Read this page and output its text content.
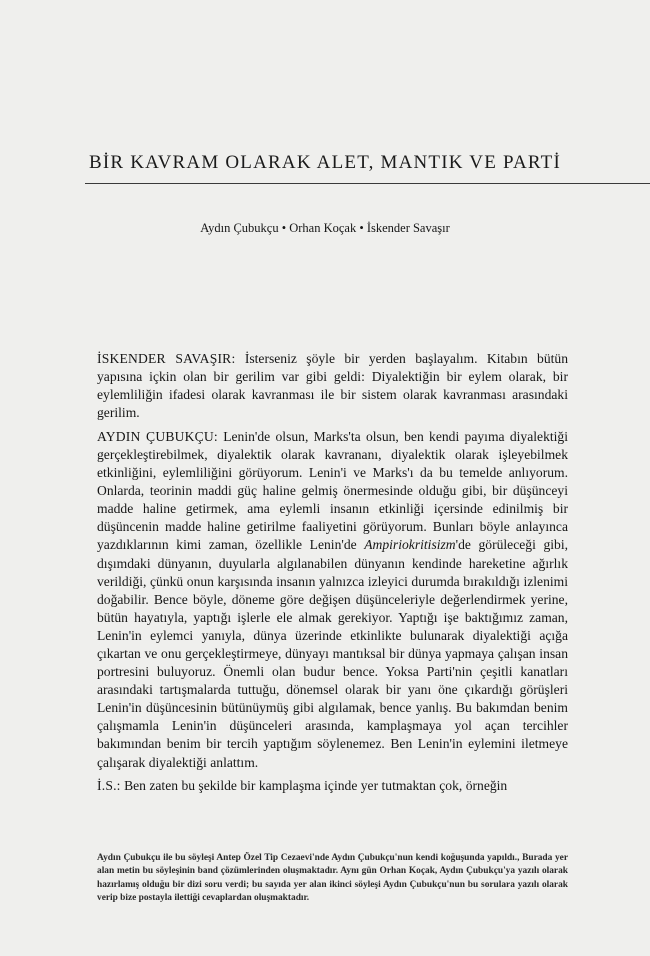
BİR KAVRAM OLARAK ALET, MANTIK VE PARTİ
Aydın Çubukçu • Orhan Koçak • İskender Savaşır

İSKENDER SAVAŞIR: İsterseniz şöyle bir yerden başlayalım. Kitabın bütün yapısına içkin olan bir gerilim var gibi geldi: Diyalektiğin bir eylem olarak, bir eylemliliğin ifadesi olarak kavranması ile bir sistem olarak kavranması arasındaki gerilim.

AYDIN ÇUBUKÇU: Lenin'de olsun, Marks'ta olsun, ben kendi payıma diyalektiği gerçekleştirebilmek, diyalektik olarak kavrananı, diyalektik olarak işleyebilmek etkinliğini, eylemliliğini görüyorum. Lenin'i ve Marks'ı da bu temelde anlıyorum. Onlarda, teorinin maddi güç haline gelmiş önermesinde olduğu gibi, bir düşünceyi madde haline getirmek, ama eylemli insanın etkinliği içersinde edinilmiş bir düşüncenin madde haline getirilme faaliyetini görüyorum. Bunları böyle anlayınca yazdıklarının kimi zaman, özellikle Lenin'de Ampiriokritisizm'de görüleceği gibi, dışımdaki dünyanın, duyularla algılanabilen dünyanın kendinde hareketine ağırlık verildiği, çünkü onun karşısında insanın yalnızca izleyici durumda bırakıldığı izlenimi doğabilir. Bence böyle, döneme göre değişen düşünceleriyle değerlendirmek yerine, bütün hayatıyla, yaptığı işlerle ele almak gerekiyor. Yaptığı işe baktığımız zaman, Lenin'in eylemci yanıyla, dünya üzerinde etkinlikte bulunarak diyalektiği açığa çıkartan ve onu gerçekleştirmeye, dünyayı mantıksal bir dünya yapmaya çalışan insan portresini buluyoruz. Önemli olan budur bence. Yoksa Parti'nin çeşitli kanatları arasındaki tartışmalarda tuttuğu, dönemsel olarak bir yanı öne çıkardığı görüşleri Lenin'in düşüncesinin bütünüymüş gibi algılamak, bence yanlış. Bu bakımdan benim çalışmamla Lenin'in düşünceleri arasında, kamplaşmaya yol açan tercihler bakımından benim bir tercih yaptığım söylenemez. Ben Lenin'in eylemini iletmeye çalışarak diyalektiği anlattım.

İ.S.: Ben zaten bu şekilde bir kamplaşma içinde yer tutmaktan çok, örneğin

Aydın Çubukçu ile bu söyleşi Antep Özel Tip Cezaevi'nde Aydın Çubukçu'nun kendi koğuşunda yapıldı., Burada yer alan metin bu söyleşinin band çözümlerinden oluşmaktadır. Aynı gün Orhan Koçak, Aydın Çubukçu'ya yazılı olarak hazırlamış olduğu bir dizi soru verdi; bu sayıda yer alan ikinci söyleşi Aydın Çubukçu'nun bu sorulara yazılı olarak verip bize postayla ilettiği cevaplardan oluşmaktadır.
